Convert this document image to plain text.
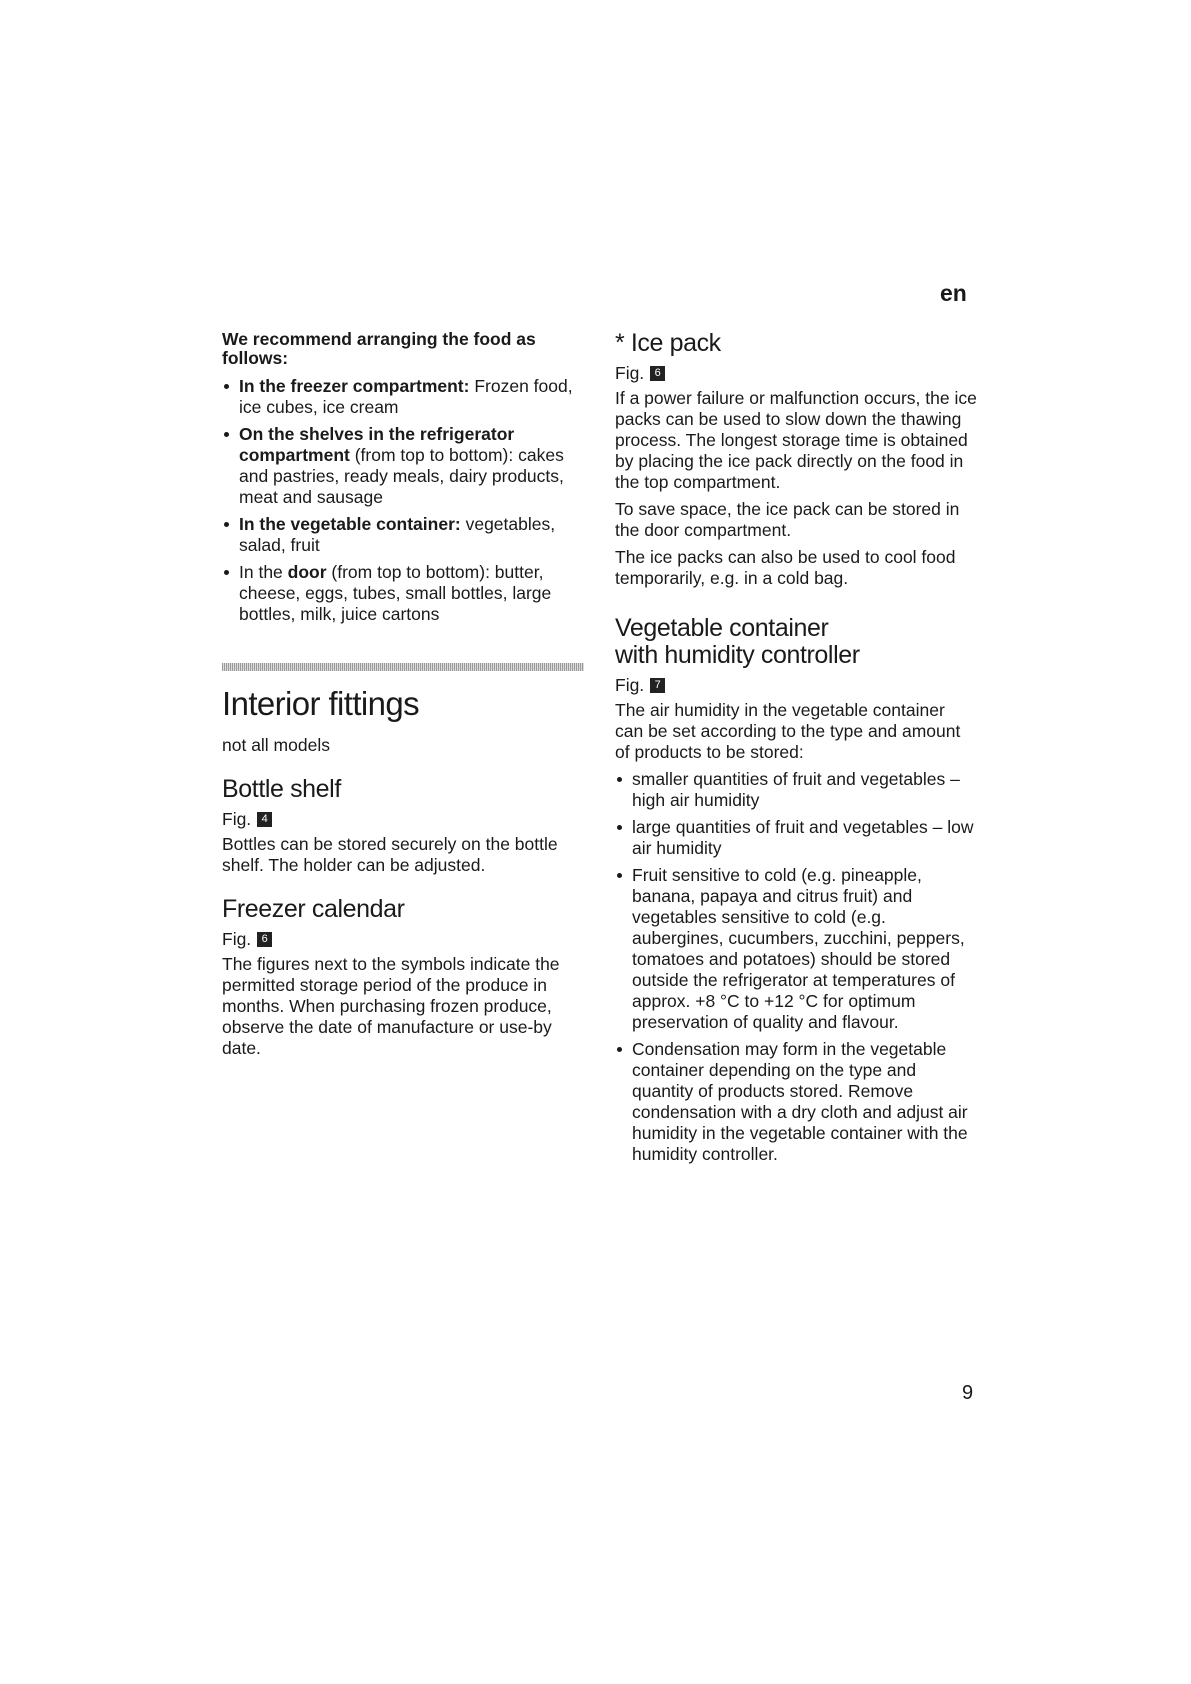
en

We recommend arranging the food as follows:

In the freezer compartment: Frozen food, ice cubes, ice cream
On the shelves in the refrigerator compartment (from top to bottom): cakes and pastries, ready meals, dairy products, meat and sausage
In the vegetable container: vegetables, salad, fruit
In the door (from top to bottom): butter, cheese, eggs, tubes, small bottles, large bottles, milk, juice cartons
Interior fittings

not all models

Bottle shelf
Fig. 4

Bottles can be stored securely on the bottle shelf. The holder can be adjusted.

Freezer calendar
Fig. 6

The figures next to the symbols indicate the permitted storage period of the produce in months. When purchasing frozen produce, observe the date of manufacture or use-by date.

* Ice pack
Fig. 6

If a power failure or malfunction occurs, the ice packs can be used to slow down the thawing process. The longest storage time is obtained by placing the ice pack directly on the food in the top compartment.

To save space, the ice pack can be stored in the door compartment.

The ice packs can also be used to cool food temporarily, e.g. in a cold bag.

Vegetable container
with humidity controller
Fig. 7

The air humidity in the vegetable container can be set according to the type and amount of products to be stored:

smaller quantities of fruit and vegetables – high air humidity
large quantities of fruit and vegetables – low air humidity
Fruit sensitive to cold (e.g. pineapple, banana, papaya and citrus fruit) and vegetables sensitive to cold (e.g. aubergines, cucumbers, zucchini, peppers, tomatoes and potatoes) should be stored outside the refrigerator at temperatures of approx. +8 °C to +12 °C for optimum preservation of quality and flavour.
Condensation may form in the vegetable container depending on the type and quantity of products stored. Remove condensation with a dry cloth and adjust air humidity in the vegetable container with the humidity controller.
9
